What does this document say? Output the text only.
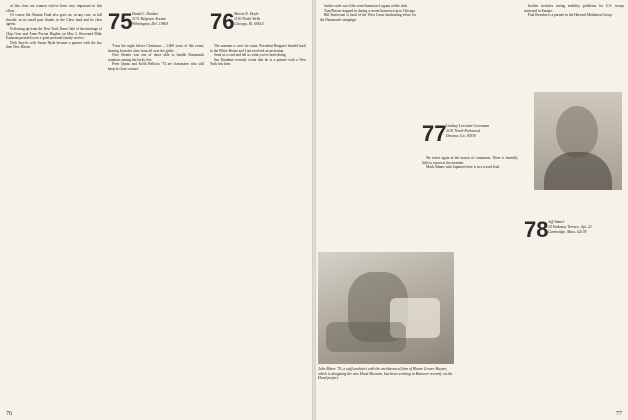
of this class are women who've been very important in this effort.

Of course the Alumni Fund also goes on, in any case, at full throttle, in no small part, thanks to the Class fund and its class agents.

Following up from the New York Times' bile of the marriage of Chip Gow and Anne Peyton Hughes on May 5, Reverend Mike Eastman presided over a quite personal family service.

Dick Steyn's wife Susan Hyde became a partner with the law firm New Haven.

75 David L. Dunbar
3131 Belgrave Avenue
Wilmington, Del. 19803

'Twas the night before Christmas..., 2,000 years of this event, hearing from the class from all over the globe.

Nice Steiner was one of those able to handle Dartmouth reunions among the lucky few.

Peter Quinn and Keith Bellows '74 are classmates who still keep in close contact.

76 Martin E. Doyle
1130 North Wells
Chicago, Ill. 60614

The summer is over for some. President Reagan's headed back to the White House and I am received an invitation.

Send us a card and tell us what you've been doing.

Jim Donahue recently wrote that he is a partner with a New York law firm.

76

further stale out of the semi-luxurious Laguna coffee club.

Tom Pinson stopped in during a recent business trip to Chicago.

Bill Sturtevant is head of the West Coast fundraising effort for the Dartmouth campaign.

77 Lindsay Lorraine Greenman
2101 North Parkwood
Decatur, Ga. 30030

We arrive again at the season of comments. There is fearfully little to report at the moment.

Mark Adams with Japanese beer is in a record lead.

brother includes saving mobility problems for U.S. troops stationed in Europe.

Paul Reardon is a partner in the Harvard Mediation Group.

78 Jeff Immel
14 Embassy Terrace, Apt. 22
Cambridge, Mass. 02139
Julie Minor '76, a staff architect with the architectural firm of Moore Grover Harper, which is designing the new Hood Museum, has been working in Hanover recently on the Hood project.
77
